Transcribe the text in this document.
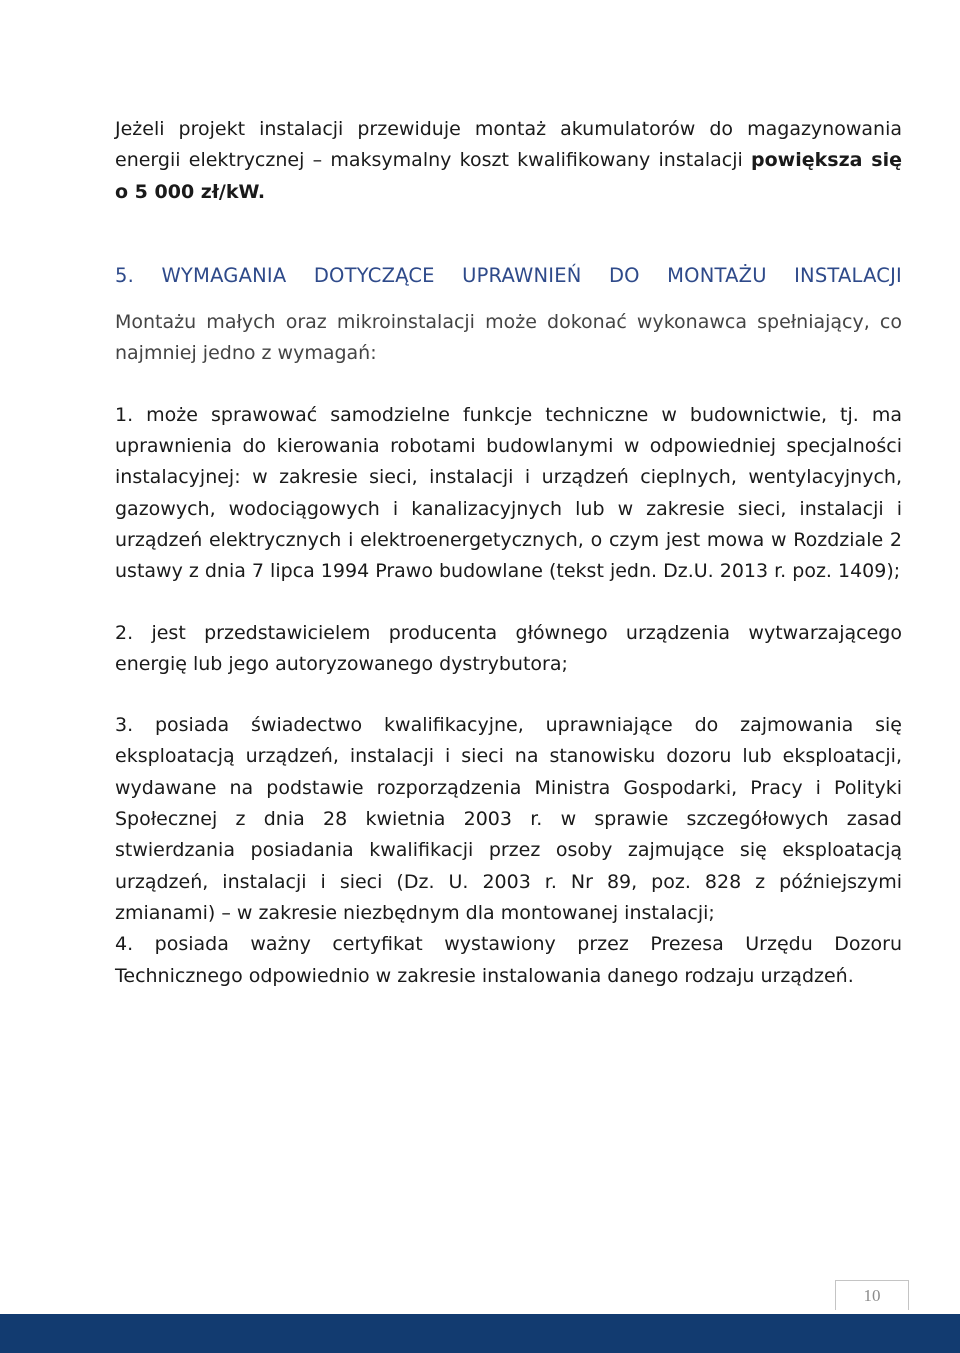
Jeżeli projekt instalacji przewiduje montaż akumulatorów do magazynowania energii elektrycznej – maksymalny koszt kwalifikowany instalacji powiększa się o 5 000 zł/kW.

5. WYMAGANIA DOTYCZĄCE UPRAWNIEŃ DO MONTAŻU INSTALACJI

Montażu małych oraz mikroinstalacji może dokonać wykonawca spełniający, co najmniej jedno z wymagań:

1. może sprawować samodzielne funkcje techniczne w budownictwie, tj. ma uprawnienia do kierowania robotami budowlanymi w odpowiedniej specjalności instalacyjnej: w zakresie sieci, instalacji i urządzeń cieplnych, wentylacyjnych, gazowych, wodociągowych i kanalizacyjnych lub w zakresie sieci, instalacji i urządzeń elektrycznych i elektroenergetycznych, o czym jest mowa w Rozdziale 2 ustawy z dnia 7 lipca 1994 Prawo budowlane (tekst jedn. Dz.U. 2013 r. poz. 1409);

2. jest przedstawicielem producenta głównego urządzenia wytwarzającego energię lub jego autoryzowanego dystrybutora;

3. posiada świadectwo kwalifikacyjne, uprawniające do zajmowania się eksploatacją urządzeń, instalacji i sieci na stanowisku dozoru lub eksploatacji, wydawane na podstawie rozporządzenia Ministra Gospodarki, Pracy i Polityki Społecznej z dnia 28 kwietnia 2003 r. w sprawie szczegółowych zasad stwierdzania posiadania kwalifikacji przez osoby zajmujące się eksploatacją urządzeń, instalacji i sieci (Dz. U. 2003 r. Nr 89, poz. 828 z późniejszymi zmianami) – w zakresie niezbędnym dla montowanej instalacji;

4. posiada ważny certyfikat wystawiony przez Prezesa Urzędu Dozoru Technicznego odpowiednio w zakresie instalowania danego rodzaju urządzeń.

10
